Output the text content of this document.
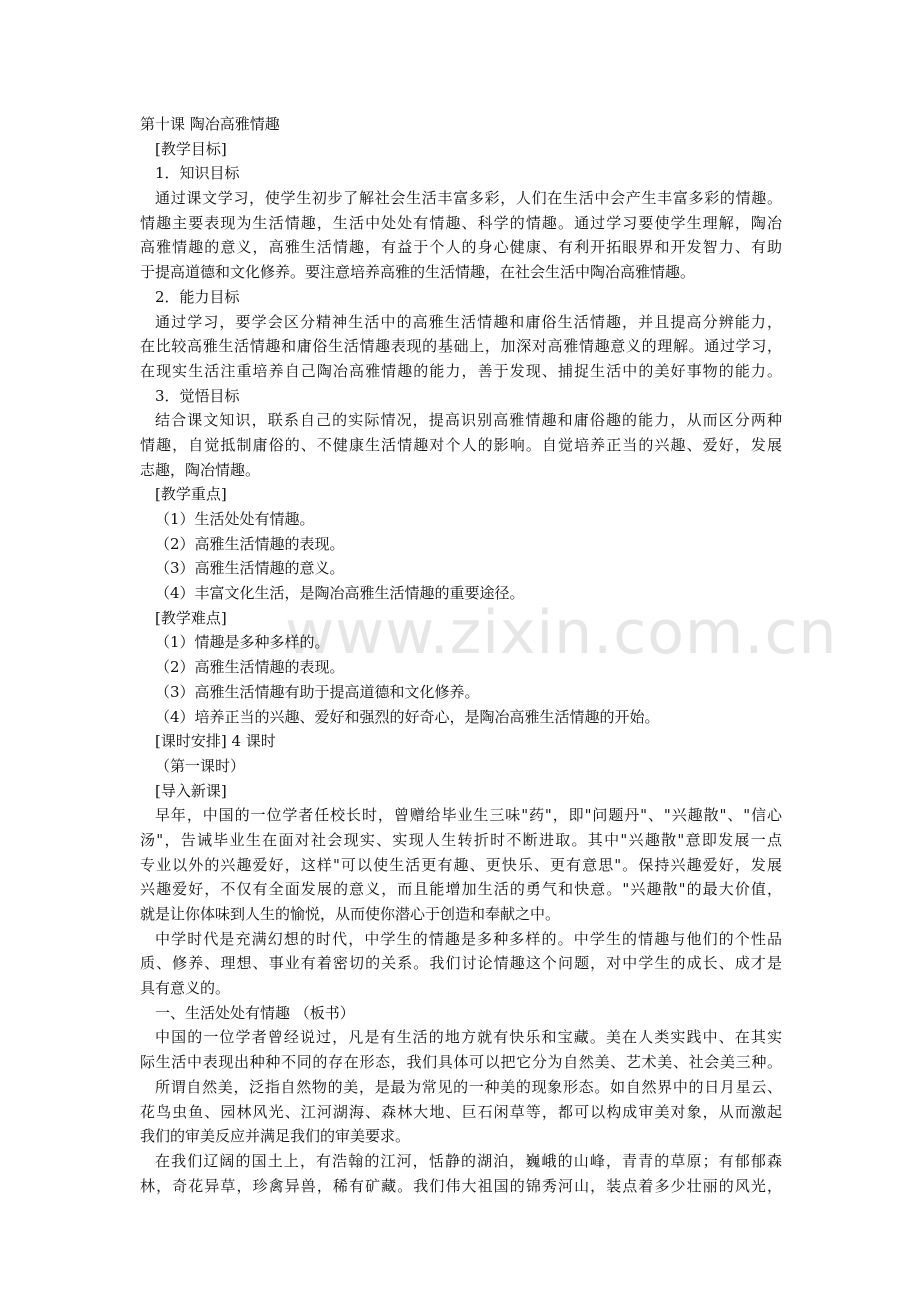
www.zixin.com.cn
第十课 陶冶高雅情趣
[教学目标]
1．知识目标
通过课文学习，使学生初步了解社会生活丰富多彩，人们在生活中会产生丰富多彩的情趣。
情趣主要表现为生活情趣，生活中处处有情趣、科学的情趣。通过学习要使学生理解，陶冶
高雅情趣的意义，高雅生活情趣，有益于个人的身心健康、有利开拓眼界和开发智力、有助
于提高道德和文化修养。要注意培养高雅的生活情趣，在社会生活中陶冶高雅情趣。
2．能力目标
通过学习，要学会区分精神生活中的高雅生活情趣和庸俗生活情趣，并且提高分辨能力，
在比较高雅生活情趣和庸俗生活情趣表现的基础上，加深对高雅情趣意义的理解。通过学习，
在现实生活注重培养自己陶冶高雅情趣的能力，善于发现、捕捉生活中的美好事物的能力。
3．觉悟目标
结合课文知识，联系自己的实际情况，提高识别高雅情趣和庸俗趣的能力，从而区分两种
情趣，自觉抵制庸俗的、不健康生活情趣对个人的影响。自觉培养正当的兴趣、爱好，发展
志趣，陶冶情趣。
[教学重点]
（1）生活处处有情趣。
（2）高雅生活情趣的表现。
（3）高雅生活情趣的意义。
（4）丰富文化生活，是陶冶高雅生活情趣的重要途径。
[教学难点]
（1）情趣是多种多样的。
（2）高雅生活情趣的表现。
（3）高雅生活情趣有助于提高道德和文化修养。
（4）培养正当的兴趣、爱好和强烈的好奇心，是陶冶高雅生活情趣的开始。
[课时安排] 4 课时
（第一课时）
[导入新课]
早年，中国的一位学者任校长时，曾赠给毕业生三味"药"，即"问题丹"、"兴趣散"、"信心
汤"，告诫毕业生在面对社会现实、实现人生转折时不断进取。其中"兴趣散"意即发展一点
专业以外的兴趣爱好，这样"可以使生活更有趣、更快乐、更有意思"。保持兴趣爱好，发展
兴趣爱好，不仅有全面发展的意义，而且能增加生活的勇气和快意。"兴趣散"的最大价值，
就是让你体味到人生的愉悦，从而使你潜心于创造和奉献之中。
中学时代是充满幻想的时代，中学生的情趣是多种多样的。中学生的情趣与他们的个性品
质、修养、理想、事业有着密切的关系。我们讨论情趣这个问题，对中学生的成长、成才是
具有意义的。
一、生活处处有情趣 （板书）
中国的一位学者曾经说过，凡是有生活的地方就有快乐和宝藏。美在人类实践中、在其实
际生活中表现出种种不同的存在形态，我们具体可以把它分为自然美、艺术美、社会美三种。
所谓自然美，泛指自然物的美，是最为常见的一种美的现象形态。如自然界中的日月星云、
花鸟虫鱼、园林风光、江河湖海、森林大地、巨石闲草等，都可以构成审美对象，从而激起
我们的审美反应并满足我们的审美要求。
在我们辽阔的国土上，有浩翰的江河，恬静的湖泊，巍峨的山峰，青青的草原；有郁郁森
林，奇花异草，珍禽异兽，稀有矿藏。我们伟大祖国的锦秀河山，装点着多少壮丽的风光，
